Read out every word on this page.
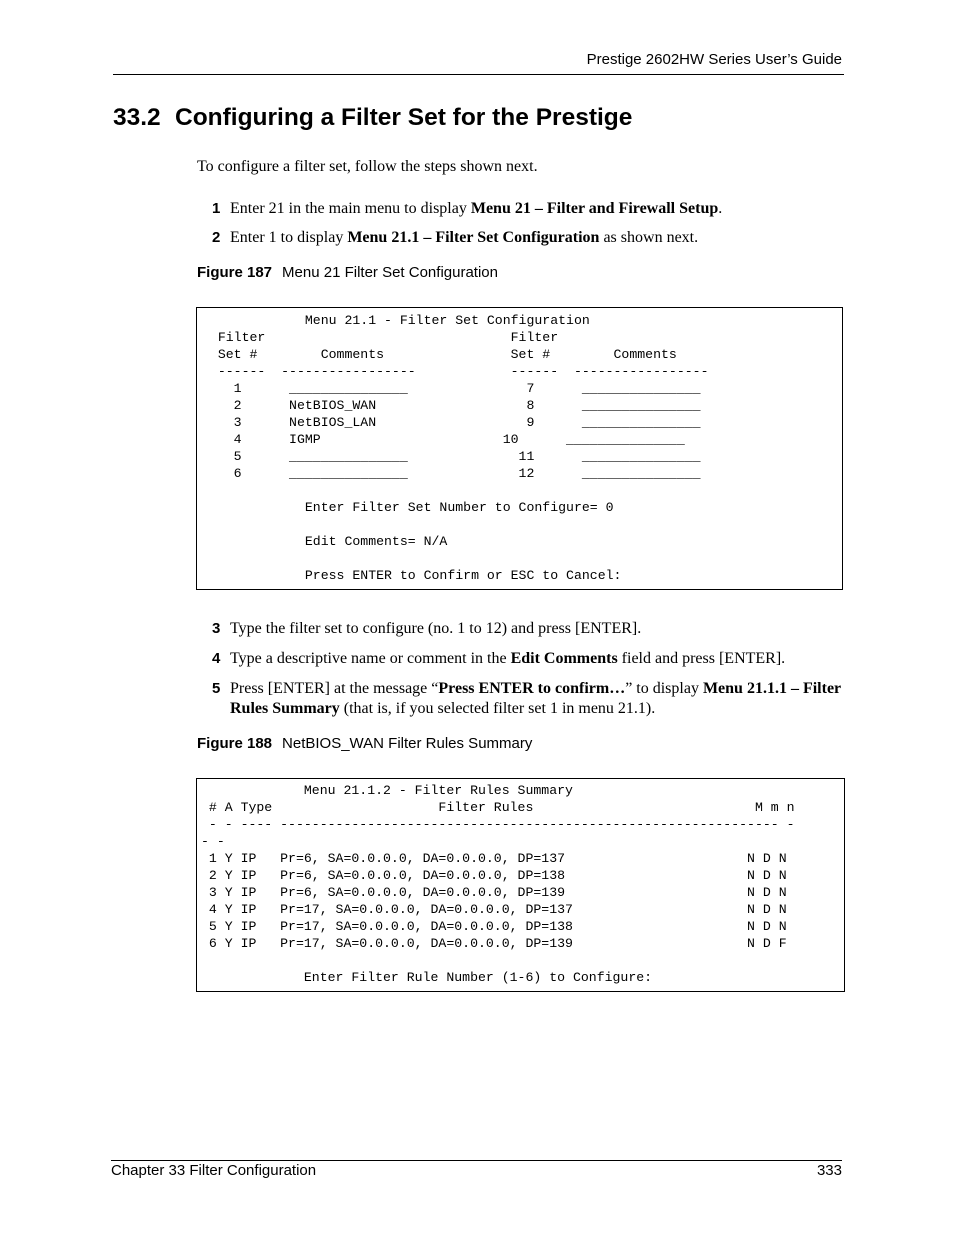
Prestige 2602HW Series User’s Guide
33.2 Configuring a Filter Set for the Prestige
To configure a filter set, follow the steps shown next.
1 Enter 21 in the main menu to display Menu 21 – Filter and Firewall Setup.
2 Enter 1 to display Menu 21.1 – Filter Set Configuration as shown next.
Figure 187 Menu 21 Filter Set Configuration
Menu 21.1 - Filter Set Configuration
Filter                               Filter
Set #        Comments                Set #        Comments
------  -----------------            ------  -----------------
1      _______________               7      _______________
2      NetBIOS_WAN                   8      _______________
3      NetBIOS_LAN                   9      _______________
4      IGMP                       10      _______________
5      _______________              11      _______________
6      _______________              12      _______________
Enter Filter Set Number to Configure= 0
Edit Comments= N/A
Press ENTER to Confirm or ESC to Cancel:
3 Type the filter set to configure (no. 1 to 12) and press [ENTER].
4 Type a descriptive name or comment in the Edit Comments field and press [ENTER].
5 Press [ENTER] at the message “Press ENTER to confirm…” to display Menu 21.1.1 – Filter Rules Summary (that is, if you selected filter set 1 in menu 21.1).
Figure 188 NetBIOS_WAN Filter Rules Summary
Menu 21.1.2 - Filter Rules Summary
# A Type                     Filter Rules                            M m n
- - ---- --------------------------------------------------------------- -
- -
1 Y IP   Pr=6, SA=0.0.0.0, DA=0.0.0.0, DP=137                       N D N
2 Y IP   Pr=6, SA=0.0.0.0, DA=0.0.0.0, DP=138                       N D N
3 Y IP   Pr=6, SA=0.0.0.0, DA=0.0.0.0, DP=139                       N D N
4 Y IP   Pr=17, SA=0.0.0.0, DA=0.0.0.0, DP=137                      N D N
5 Y IP   Pr=17, SA=0.0.0.0, DA=0.0.0.0, DP=138                      N D N
6 Y IP   Pr=17, SA=0.0.0.0, DA=0.0.0.0, DP=139                      N D F
Enter Filter Rule Number (1-6) to Configure:
Chapter 33 Filter Configuration	333
